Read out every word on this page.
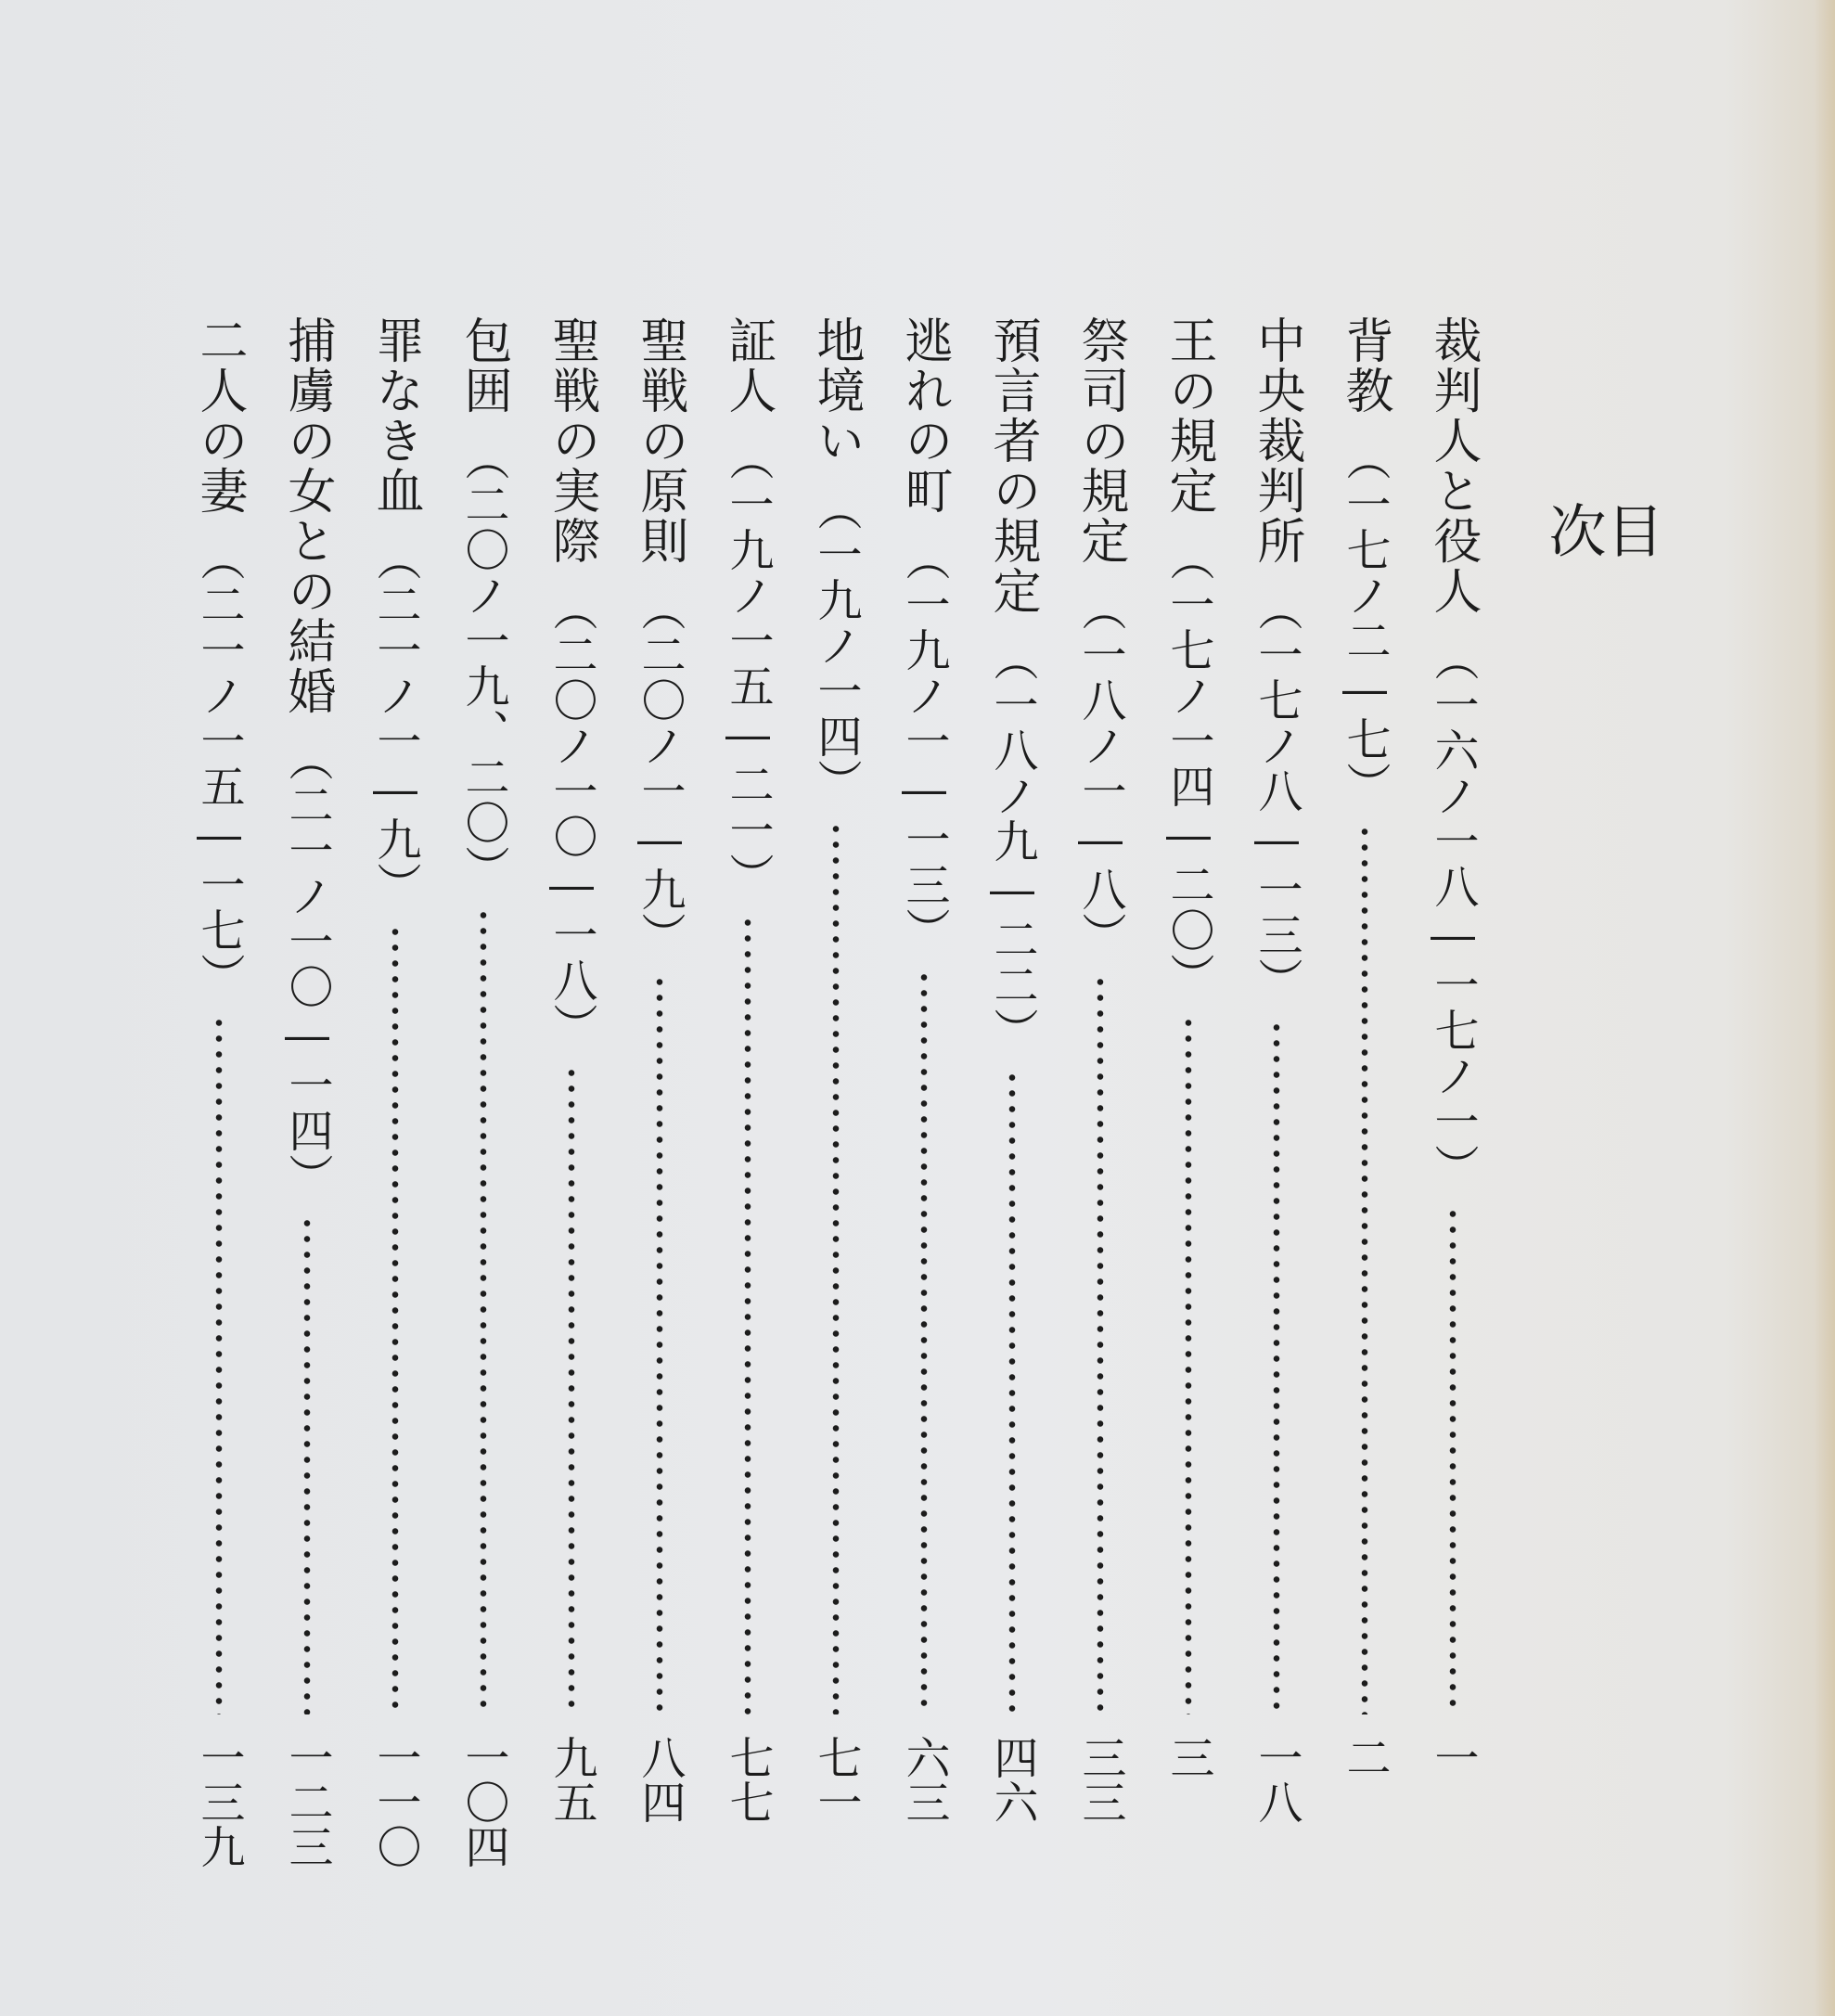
目次
裁判人と役人
（一六ノ一八―一七ノ一）
一
背教
（一七ノ二―七）
二
中央裁判所
（一七ノ八―一三）
一八
王の規定
（一七ノ一四―二〇）
三
祭司の規定
（一八ノ一―八）
三三
預言者の規定
（一八ノ九―二二）
四六
逃れの町
（一九ノ一―一三）
六三
地境い
（一九ノ一四）
七一
証人
（一九ノ一五―二一）
七七
聖戦の原則
（二〇ノ一―九）
八四
聖戦の実際
（二〇ノ一〇―一八）
九五
包囲
（二〇ノ一九、二〇）
一〇四
罪なき血
（二一ノ一―九）
一一〇
捕虜の女との結婚
（二一ノ一〇―一四）
一二三
二人の妻
（二一ノ一五―一七）
一三九
